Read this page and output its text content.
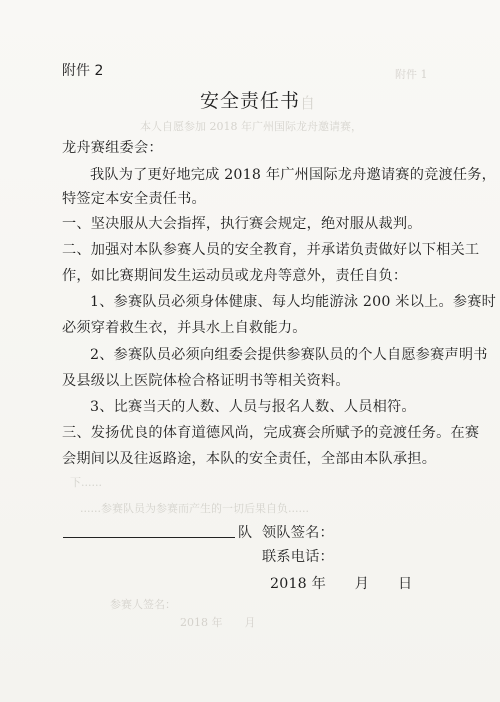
附件 1
自
本人自愿参加 2018 年广州国际龙舟邀请赛，
下......
......参赛队员为参赛而产生的一切后果自负......
参赛人签名：
2018 年　　月
附件 2
安全责任书
龙舟赛组委会：
我队为了更好地完成 2018 年广州国际龙舟邀请赛的竞渡任务，
特签定本安全责任书。
一、坚决服从大会指挥，执行赛会规定，绝对服从裁判。
二、加强对本队参赛人员的安全教育，并承诺负责做好以下相关工
作，如比赛期间发生运动员或龙舟等意外，责任自负：
1、参赛队员必须身体健康、每人均能游泳 200 米以上。参赛时
必须穿着救生衣，并具水上自救能力。
2、参赛队员必须向组委会提供参赛队员的个人自愿参赛声明书
及县级以上医院体检合格证明书等相关资料。
3、比赛当天的人数、人员与报名人数、人员相符。
三、发扬优良的体育道德风尚，完成赛会所赋予的竞渡任务。在赛
会期间以及往返路途，本队的安全责任，全部由本队承担。
队 领队签名：
联系电话：
2018 年　　月　　日
